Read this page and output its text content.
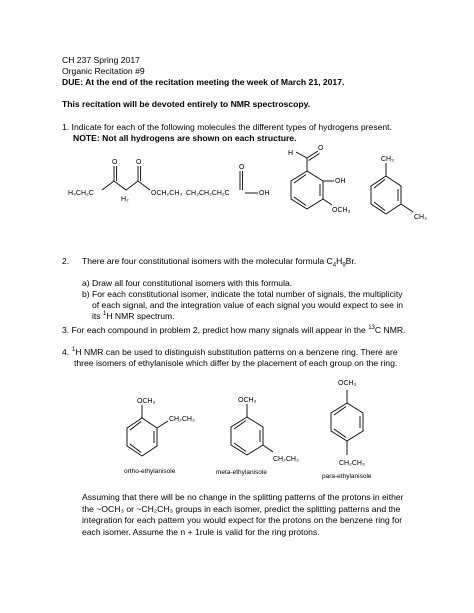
CH 237 Spring 2017
Organic Recitation #9
DUE: At the end of the recitation meeting the week of March 21, 2017.
This recitation will be devoted entirely to NMR spectroscopy.
1. Indicate for each of the following molecules the different types of hydrogens present.
NOTE: Not all hydrogens are shown on each structure.
O	O
H₃CH₂C
H₂
OCH₂CH₃
O
CH₃CH₂CH₂C	OH
H
O
OH
OCH₃
CH₃
CH₃
2. There are four constitutional isomers with the molecular formula $C_4H_9Br$.
a) Draw all four constitutional isomers with this formula.
b) For each constitutional isomer, indicate the total number of signals, the multiplicity
of each signal, and the integration value of each signal you would expect to see in
its $^1$H NMR spectrum.
3. For each compound in problem 2, predict how many signals will appear in the $^{13}$C NMR.
4. $^1$H NMR can be used to distinguish substitution patterns on a benzene ring. There are
three isomers of ethylanisole which differ by the placement of each group on the ring.
OCH₃
CH₂CH₃
ortho-ethylanisole
OCH₃
CH₂CH₃
meta-ethylanisole
OCH₃
CH₂CH₃
para-ethylanisole
Assuming that there will be no change in the splitting patterns of the protons in either
the ~OCH₃ or ~CH₂CH₃ groups in each isomer, predict the splitting patterns and the
integration for each pattern you would expect for the protons on the benzene ring for
each isomer. Assume the n + 1rule is valid for the ring protons.
